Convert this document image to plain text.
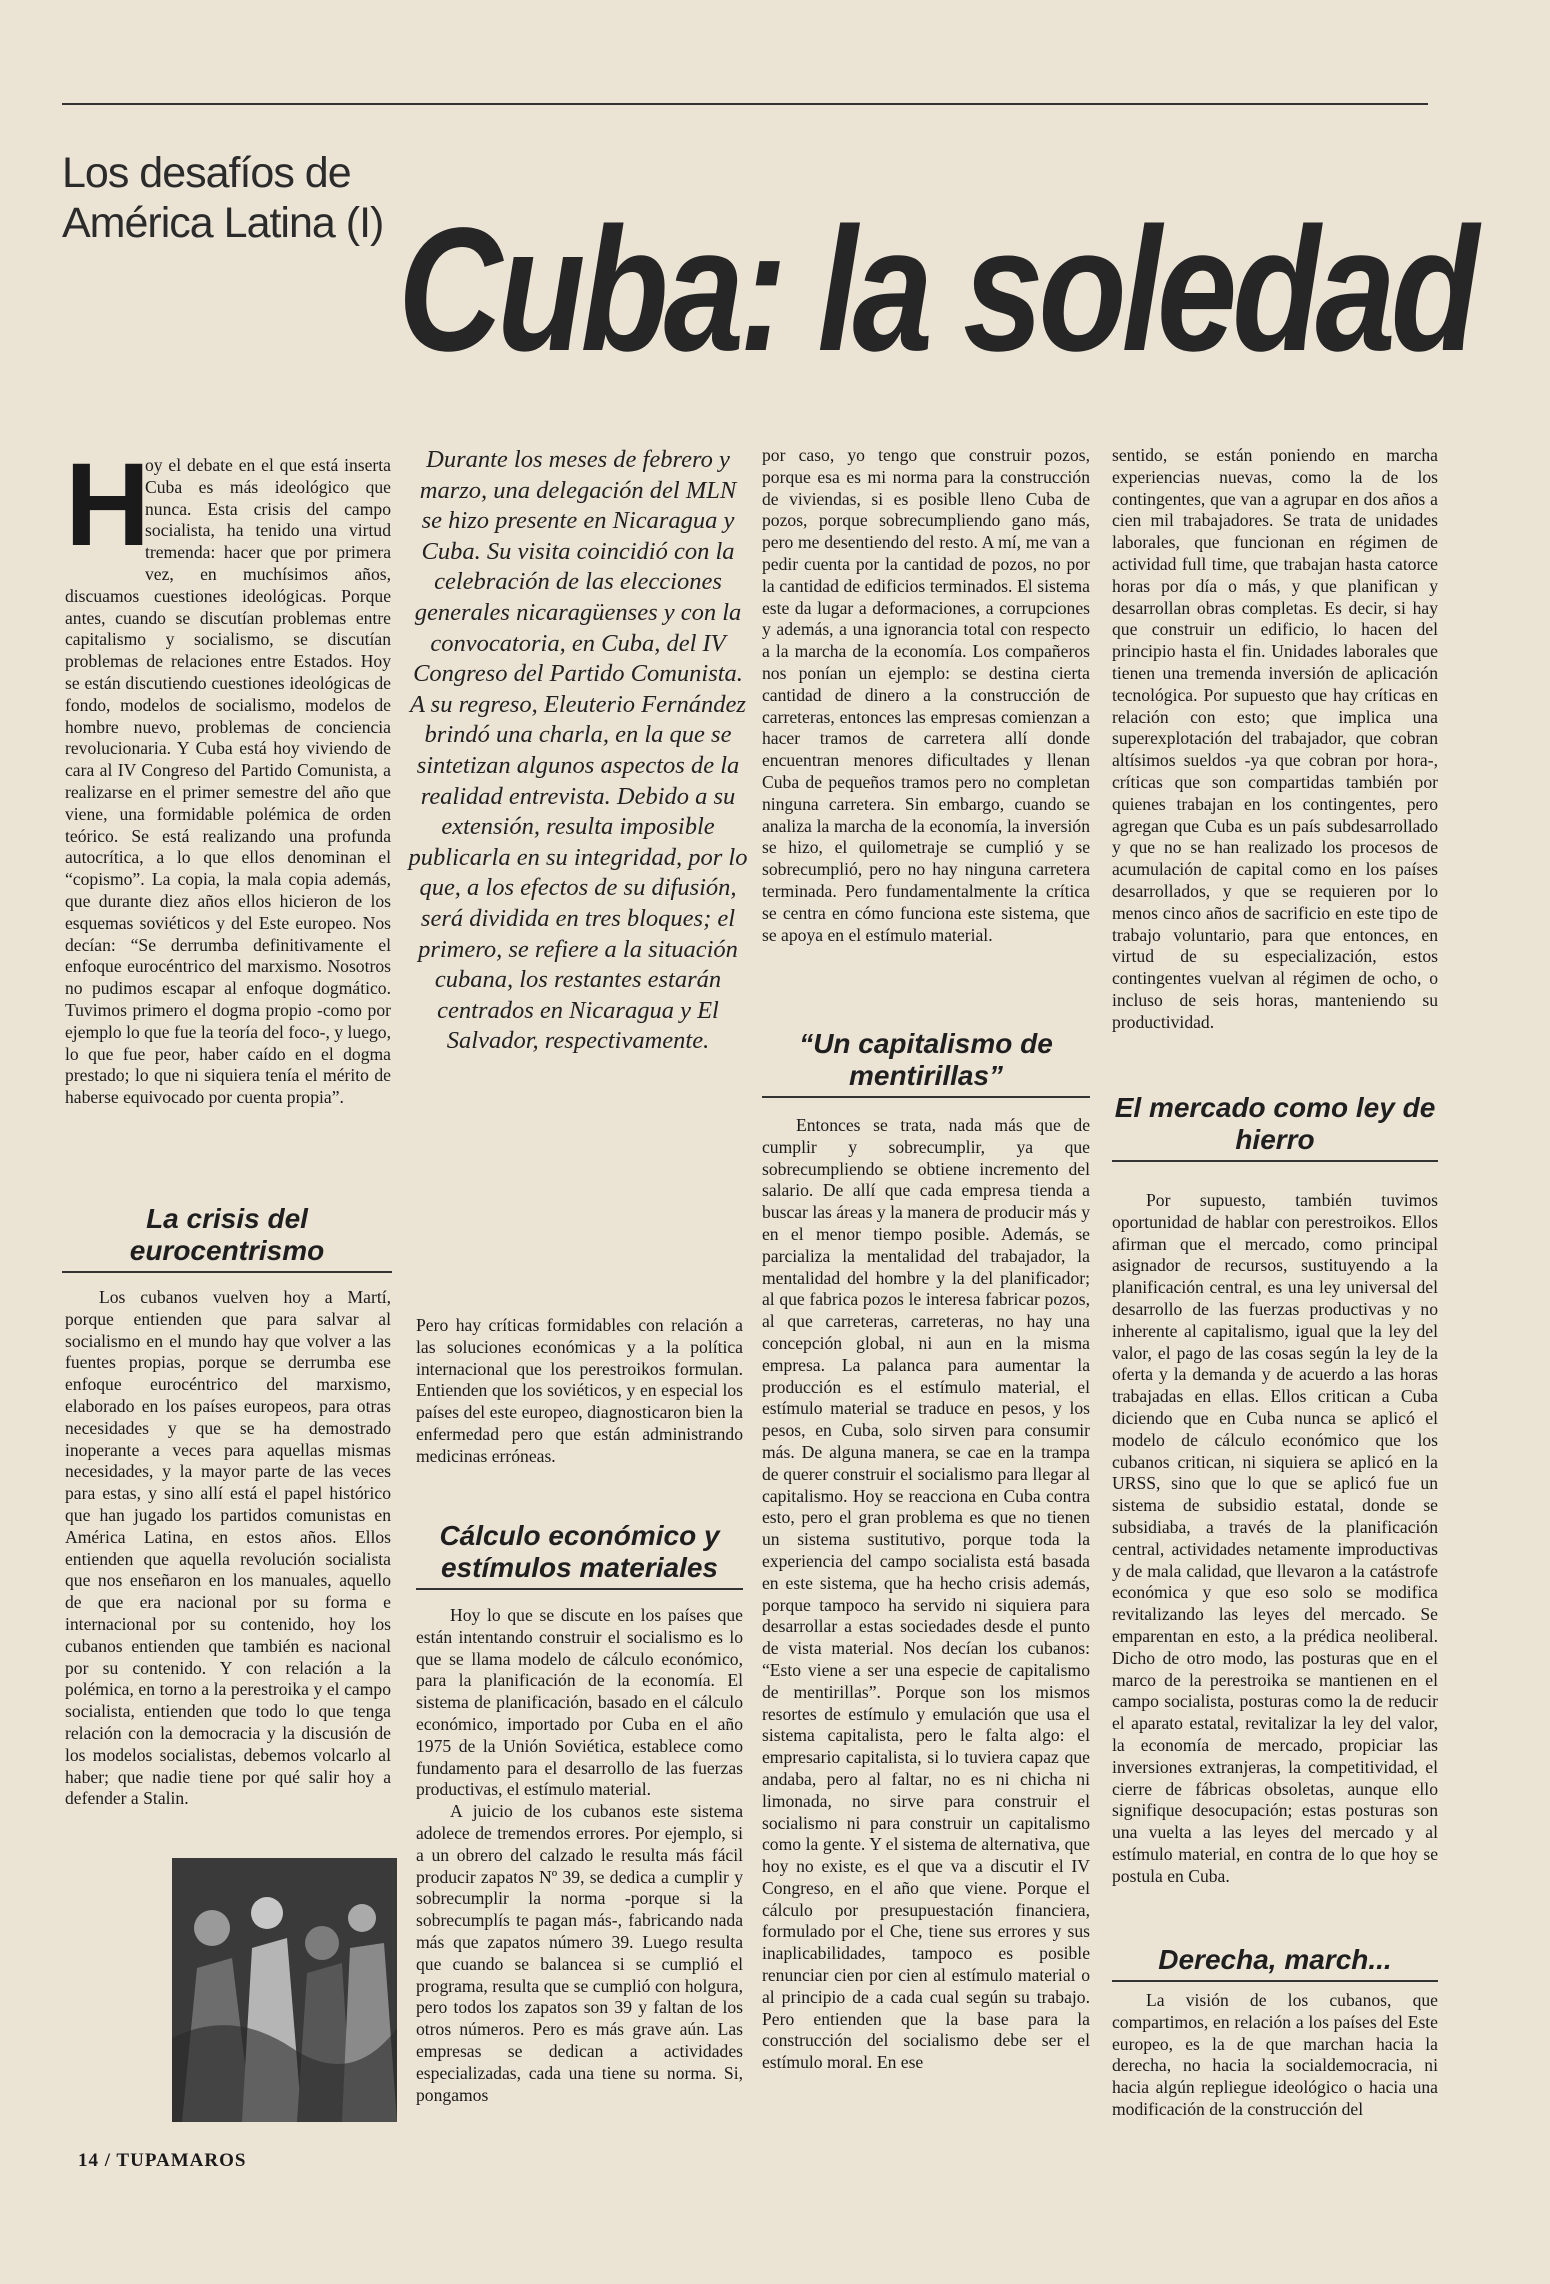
Los desafíos de
América Latina (I) Cuba: la soledad
H

oy el debate en el que está inserta Cuba es más ideológico que nunca. Esta crisis del campo socialista, ha tenido una virtud tremenda: hacer que por primera vez, en muchísimos años, discuamos cuestiones ideológicas. Porque antes, cuando se discutían problemas entre capitalismo y socialismo, se discutían problemas de relaciones entre Estados. Hoy se están discutiendo cuestiones ideológicas de fondo, modelos de socialismo, modelos de hombre nuevo, problemas de conciencia revolucionaria. Y Cuba está hoy viviendo de cara al IV Congreso del Partido Comunista, a realizarse en el primer semestre del año que viene, una formidable polémica de orden teórico. Se está realizando una profunda autocrítica, a lo que ellos denominan el “copismo”. La copia, la mala copia además, que durante diez años ellos hicieron de los esquemas soviéticos y del Este europeo. Nos decían: “Se derrumba definitivamente el enfoque eurocéntrico del marxismo. Nosotros no pudimos escapar al enfoque dogmático. Tuvimos primero el dogma propio -como por ejemplo lo que fue la teoría del foco-, y luego, lo que fue peor, haber caído en el dogma prestado; lo que ni siquiera tenía el mérito de haberse equivocado por cuenta propia”.

La crisis del eurocentrismo

Los cubanos vuelven hoy a Martí, porque entienden que para salvar al socialismo en el mundo hay que volver a las fuentes propias, porque se derrumba ese enfoque eurocéntrico del marxismo, elaborado en los países europeos, para otras necesidades y que se ha demostrado inoperante a veces para aquellas mismas necesidades, y la mayor parte de las veces para estas, y sino allí está el papel histórico que han jugado los partidos comunistas en América Latina, en estos años. Ellos entienden que aquella revolución socialista que nos enseñaron en los manuales, aquello de que era nacional por su forma e internacional por su contenido, hoy los cubanos entienden que también es nacional por su contenido. Y con relación a la polémica, en torno a la perestroika y el campo socialista, entienden que todo lo que tenga relación con la democracia y la discusión de los modelos socialistas, debemos volcarlo al haber; que nadie tiene por qué salir hoy a defender a Stalin.

Durante los meses de febrero y marzo, una delegación del MLN se hizo presente en Nicaragua y Cuba. Su visita coincidió con la celebración de las elecciones generales nicaragüenses y con la convocatoria, en Cuba, del IV Congreso del Partido Comunista. A su regreso, Eleuterio Fernández brindó una charla, en la que se sintetizan algunos aspectos de la realidad entrevista. Debido a su extensión, resulta imposible publicarla en su integridad, por lo que, a los efectos de su difusión, será dividida en tres bloques; el primero, se refiere a la situación cubana, los restantes estarán centrados en Nicaragua y El Salvador, respectivamente.

Pero hay críticas formidables con relación a las soluciones económicas y a la política internacional que los perestroikos formulan. Entienden que los soviéticos, y en especial los países del este europeo, diagnosticaron bien la enfermedad pero que están administrando medicinas erróneas.

Cálculo económico y estímulos materiales

Hoy lo que se discute en los países que están intentando construir el socialismo es lo que se llama modelo de cálculo económico, para la planificación de la economía. El sistema de planificación, basado en el cálculo económico, importado por Cuba en el año 1975 de la Unión Soviética, establece como fundamento para el desarrollo de las fuerzas productivas, el estímulo material.

A juicio de los cubanos este sistema adolece de tremendos errores. Por ejemplo, si a un obrero del calzado le resulta más fácil producir zapatos Nº 39, se dedica a cumplir y sobrecumplir la norma -porque si la sobrecumplís te pagan más-, fabricando nada más que zapatos número 39. Luego resulta que cuando se balancea si se cumplió el programa, resulta que se cumplió con holgura, pero todos los zapatos son 39 y faltan de los otros números. Pero es más grave aún. Las empresas se dedican a actividades especializadas, cada una tiene su norma. Si, pongamos

por caso, yo tengo que construir pozos, porque esa es mi norma para la construcción de viviendas, si es posible lleno Cuba de pozos, porque sobrecumpliendo gano más, pero me desentiendo del resto. A mí, me van a pedir cuenta por la cantidad de pozos, no por la cantidad de edificios terminados. El sistema este da lugar a deformaciones, a corrupciones y además, a una ignorancia total con respecto a la marcha de la economía. Los compañeros nos ponían un ejemplo: se destina cierta cantidad de dinero a la construcción de carreteras, entonces las empresas comienzan a hacer tramos de carretera allí donde encuentran menores dificultades y llenan Cuba de pequeños tramos pero no completan ninguna carretera. Sin embargo, cuando se analiza la marcha de la economía, la inversión se hizo, el quilometraje se cumplió y se sobrecumplió, pero no hay ninguna carretera terminada. Pero fundamentalmente la crítica se centra en cómo funciona este sistema, que se apoya en el estímulo material.

“Un capitalismo de mentirillas”

Entonces se trata, nada más que de cumplir y sobrecumplir, ya que sobrecumpliendo se obtiene incremento del salario. De allí que cada empresa tienda a buscar las áreas y la manera de producir más y en el menor tiempo posible. Además, se parcializa la mentalidad del trabajador, la mentalidad del hombre y la del planificador; al que fabrica pozos le interesa fabricar pozos, al que carreteras, carreteras, no hay una concepción global, ni aun en la misma empresa. La palanca para aumentar la producción es el estímulo material, el estímulo material se traduce en pesos, y los pesos, en Cuba, solo sirven para consumir más. De alguna manera, se cae en la trampa de querer construir el socialismo para llegar al capitalismo. Hoy se reacciona en Cuba contra esto, pero el gran problema es que no tienen un sistema sustitutivo, porque toda la experiencia del campo socialista está basada en este sistema, que ha hecho crisis además, porque tampoco ha servido ni siquiera para desarrollar a estas sociedades desde el punto de vista material. Nos decían los cubanos: “Esto viene a ser una especie de capitalismo de mentirillas”. Porque son los mismos resortes de estímulo y emulación que usa el sistema capitalista, pero le falta algo: el empresario capitalista, si lo tuviera capaz que andaba, pero al faltar, no es ni chicha ni limonada, no sirve para construir el socialismo ni para construir un capitalismo como la gente. Y el sistema de alternativa, que hoy no existe, es el que va a discutir el IV Congreso, en el año que viene. Porque el cálculo por presupuestación financiera, formulado por el Che, tiene sus errores y sus inaplicabilidades, tampoco es posible renunciar cien por cien al estímulo material o al principio de a cada cual según su trabajo. Pero entienden que la base para la construcción del socialismo debe ser el estímulo moral. En ese

sentido, se están poniendo en marcha experiencias nuevas, como la de los contingentes, que van a agrupar en dos años a cien mil trabajadores. Se trata de unidades laborales, que funcionan en régimen de actividad full time, que trabajan hasta catorce horas por día o más, y que planifican y desarrollan obras completas. Es decir, si hay que construir un edificio, lo hacen del principio hasta el fin. Unidades laborales que tienen una tremenda inversión de aplicación tecnológica. Por supuesto que hay críticas en relación con esto; que implica una superexplotación del trabajador, que cobran altísimos sueldos -ya que cobran por hora-, críticas que son compartidas también por quienes trabajan en los contingentes, pero agregan que Cuba es un país subdesarrollado y que no se han realizado los procesos de acumulación de capital como en los países desarrollados, y que se requieren por lo menos cinco años de sacrificio en este tipo de trabajo voluntario, para que entonces, en virtud de su especialización, estos contingentes vuelvan al régimen de ocho, o incluso de seis horas, manteniendo su productividad.

El mercado como ley de hierro

Por supuesto, también tuvimos oportunidad de hablar con perestroikos. Ellos afirman que el mercado, como principal asignador de recursos, sustituyendo a la planificación central, es una ley universal del desarrollo de las fuerzas productivas y no inherente al capitalismo, igual que la ley del valor, el pago de las cosas según la ley de la oferta y la demanda y de acuerdo a las horas trabajadas en ellas. Ellos critican a Cuba diciendo que en Cuba nunca se aplicó el modelo de cálculo económico que los cubanos critican, ni siquiera se aplicó en la URSS, sino que lo que se aplicó fue un sistema de subsidio estatal, donde se subsidiaba, a través de la planificación central, actividades netamente improductivas y de mala calidad, que llevaron a la catástrofe económica y que eso solo se modifica revitalizando las leyes del mercado. Se emparentan en esto, a la prédica neoliberal. Dicho de otro modo, las posturas que en el marco de la perestroika se mantienen en el campo socialista, posturas como la de reducir el aparato estatal, revitalizar la ley del valor, la economía de mercado, propiciar las inversiones extranjeras, la competitividad, el cierre de fábricas obsoletas, aunque ello signifique desocupación; estas posturas son una vuelta a las leyes del mercado y al estímulo material, en contra de lo que hoy se postula en Cuba.

Derecha, march...

La visión de los cubanos, que compartimos, en relación a los países del Este europeo, es la de que marchan hacia la derecha, no hacia la socialdemocracia, ni hacia algún repliegue ideológico o hacia una modificación de la construcción del

14 / TUPAMAROS
